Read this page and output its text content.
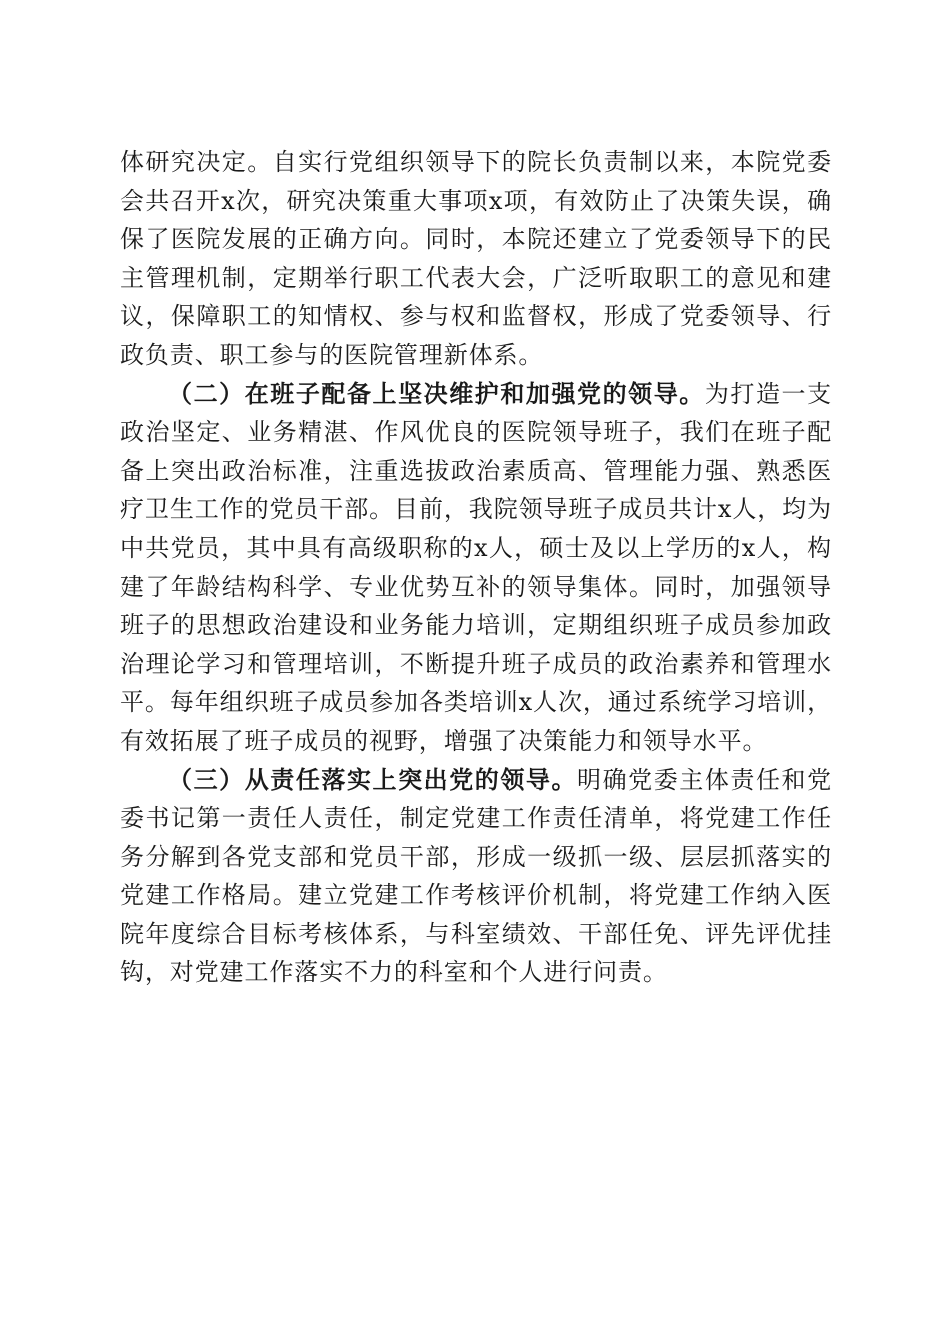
体研究决定。自实行党组织领导下的院长负责制以来，本院党委会共召开x次，研究决策重大事项x项，有效防止了决策失误，确保了医院发展的正确方向。同时，本院还建立了党委领导下的民主管理机制，定期举行职工代表大会，广泛听取职工的意见和建议，保障职工的知情权、参与权和监督权，形成了党委领导、行政负责、职工参与的医院管理新体系。

（二）在班子配备上坚决维护和加强党的领导。为打造一支政治坚定、业务精湛、作风优良的医院领导班子，我们在班子配备上突出政治标准，注重选拔政治素质高、管理能力强、熟悉医疗卫生工作的党员干部。目前，我院领导班子成员共计x人，均为中共党员，其中具有高级职称的x人，硕士及以上学历的x人，构建了年龄结构科学、专业优势互补的领导集体。同时，加强领导班子的思想政治建设和业务能力培训，定期组织班子成员参加政治理论学习和管理培训，不断提升班子成员的政治素养和管理水平。每年组织班子成员参加各类培训x人次，通过系统学习培训，有效拓展了班子成员的视野，增强了决策能力和领导水平。

（三）从责任落实上突出党的领导。明确党委主体责任和党委书记第一责任人责任，制定党建工作责任清单，将党建工作任务分解到各党支部和党员干部，形成一级抓一级、层层抓落实的党建工作格局。建立党建工作考核评价机制，将党建工作纳入医院年度综合目标考核体系，与科室绩效、干部任免、评先评优挂钩，对党建工作落实不力的科室和个人进行问责。
